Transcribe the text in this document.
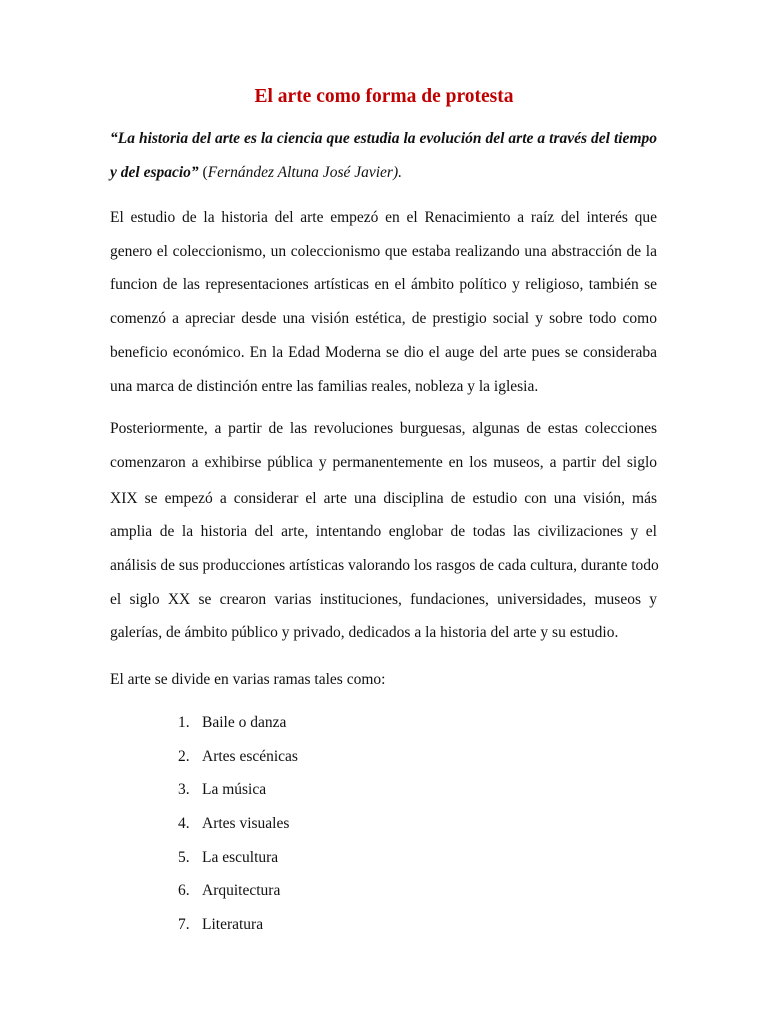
El arte como forma de protesta
“La historia del arte es la ciencia que estudia la evolución del arte a través del tiempo y del espacio” (Fernández Altuna José Javier).
El estudio de la historia del arte empezó en el Renacimiento a raíz del interés que genero el coleccionismo, un coleccionismo que estaba realizando una abstracción de la funcion de las representaciones artísticas en el ámbito político y religioso, también se comenzó a apreciar desde una visión estética, de prestigio social y sobre todo como beneficio económico. En la Edad Moderna se dio el auge del arte pues se consideraba una marca de distinción entre las familias reales, nobleza y la iglesia.
Posteriormente, a partir de las revoluciones burguesas, algunas de estas colecciones
comenzaron a exhibirse pública y permanentemente en los museos, a partir del siglo
XIX se empezó a considerar el arte una disciplina de estudio con una visión, más
amplia de la historia del arte, intentando englobar de todas las civilizaciones y el
análisis de sus producciones artísticas valorando los rasgos de cada cultura, durante todo
el siglo XX se crearon varias instituciones, fundaciones, universidades, museos y
galerías, de ámbito público y privado, dedicados a la historia del arte y su estudio.
El arte se divide en varias ramas tales como:
1. Baile o danza
2. Artes escénicas
3. La música
4. Artes visuales
5. La escultura
6. Arquitectura
7. Literatura
